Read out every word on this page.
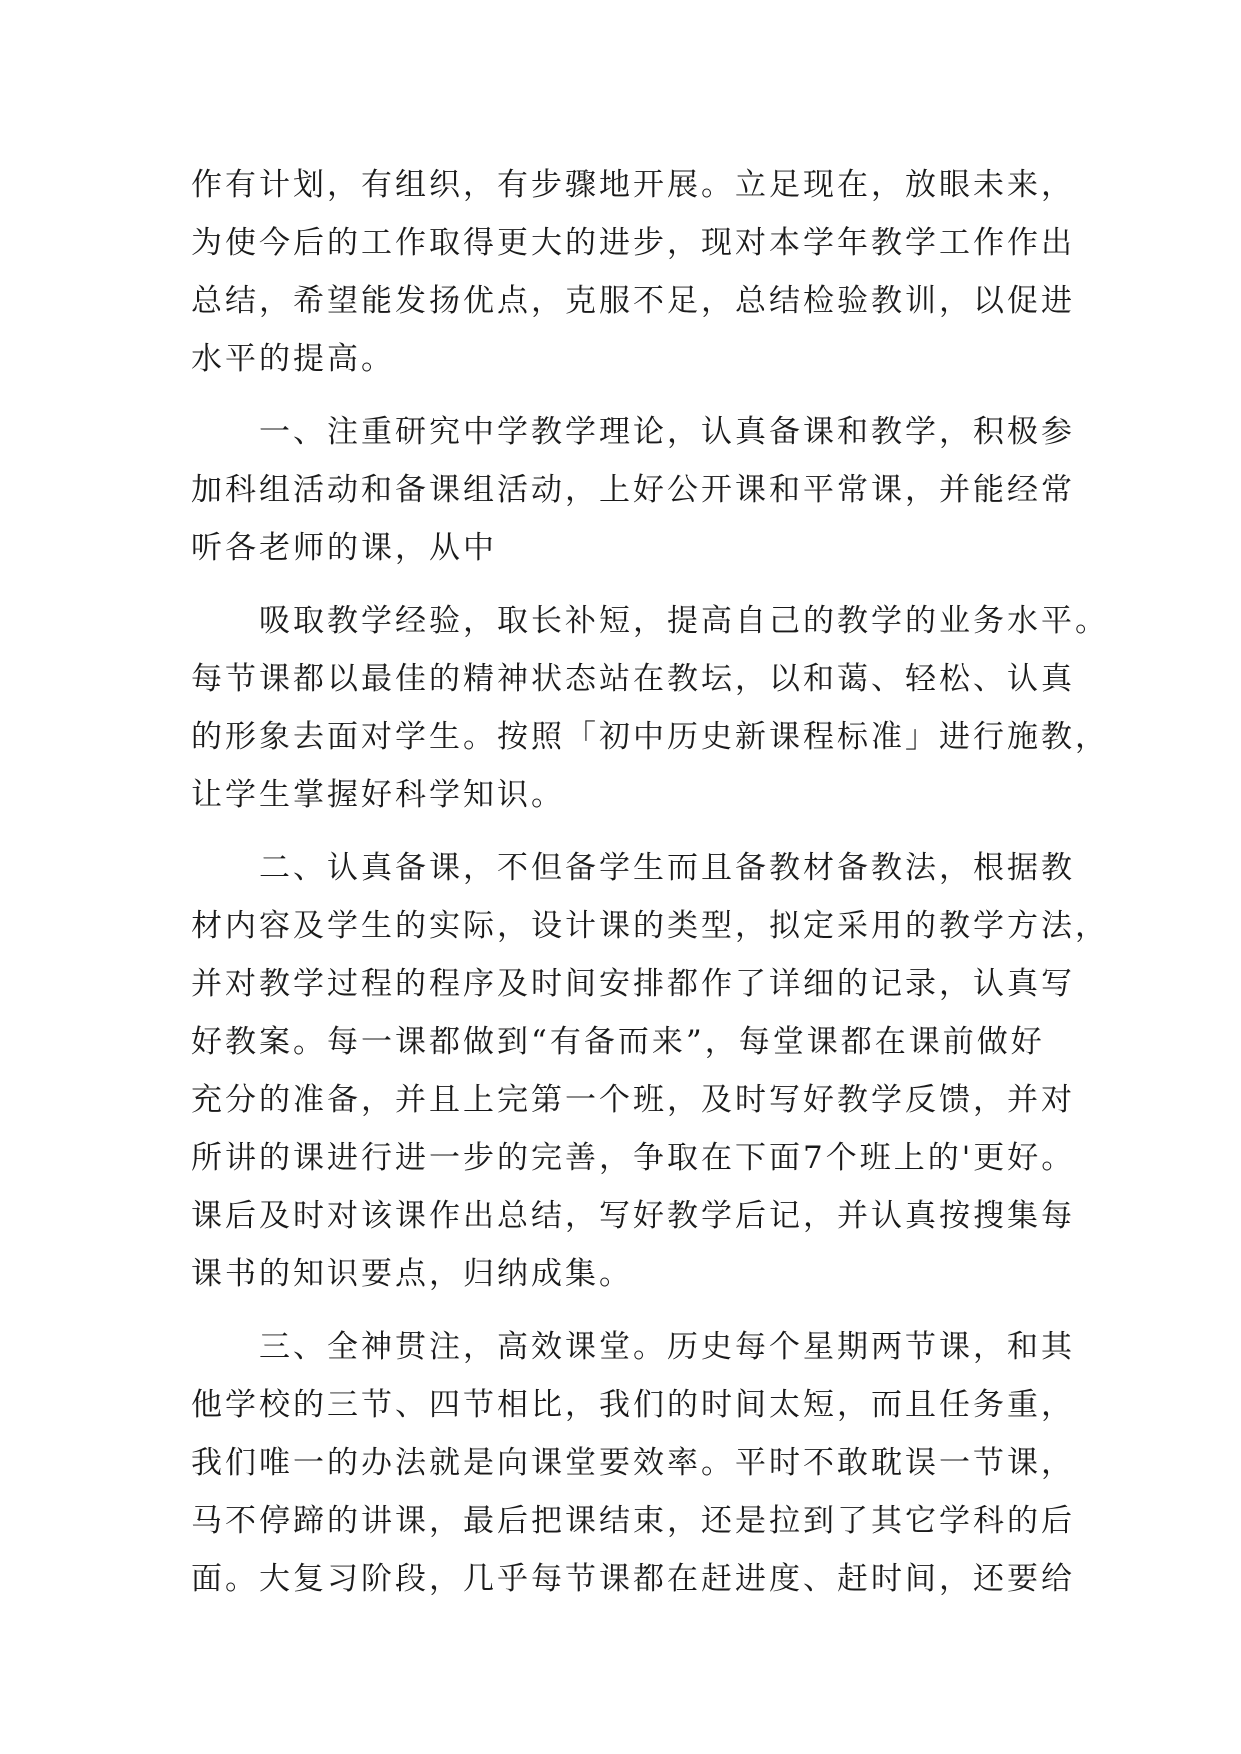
作有计划，有组织，有步骤地开展。立足现在，放眼未来，
为使今后的工作取得更大的进步，现对本学年教学工作作出
总结，希望能发扬优点，克服不足，总结检验教训，以促进
水平的提高。
一、注重研究中学教学理论，认真备课和教学，积极参
加科组活动和备课组活动，上好公开课和平常课，并能经常
听各老师的课，从中
吸取教学经验，取长补短，提高自己的教学的业务水平。
每节课都以最佳的精神状态站在教坛，以和蔼、轻松、认真
的形象去面对学生。按照「初中历史新课程标准」进行施教，
让学生掌握好科学知识。
二、认真备课，不但备学生而且备教材备教法，根据教
材内容及学生的实际，设计课的类型，拟定采用的教学方法，
并对教学过程的程序及时间安排都作了详细的记录，认真写
好教案。每一课都做到“有备而来”，每堂课都在课前做好
充分的准备，并且上完第一个班，及时写好教学反馈，并对
所讲的课进行进一步的完善，争取在下面7个班上的'更好。
课后及时对该课作出总结，写好教学后记，并认真按搜集每
课书的知识要点，归纳成集。
三、全神贯注，高效课堂。历史每个星期两节课，和其
他学校的三节、四节相比，我们的时间太短，而且任务重，
我们唯一的办法就是向课堂要效率。平时不敢耽误一节课，
马不停蹄的讲课，最后把课结束，还是拉到了其它学科的后
面。大复习阶段，几乎每节课都在赶进度、赶时间，还要给
